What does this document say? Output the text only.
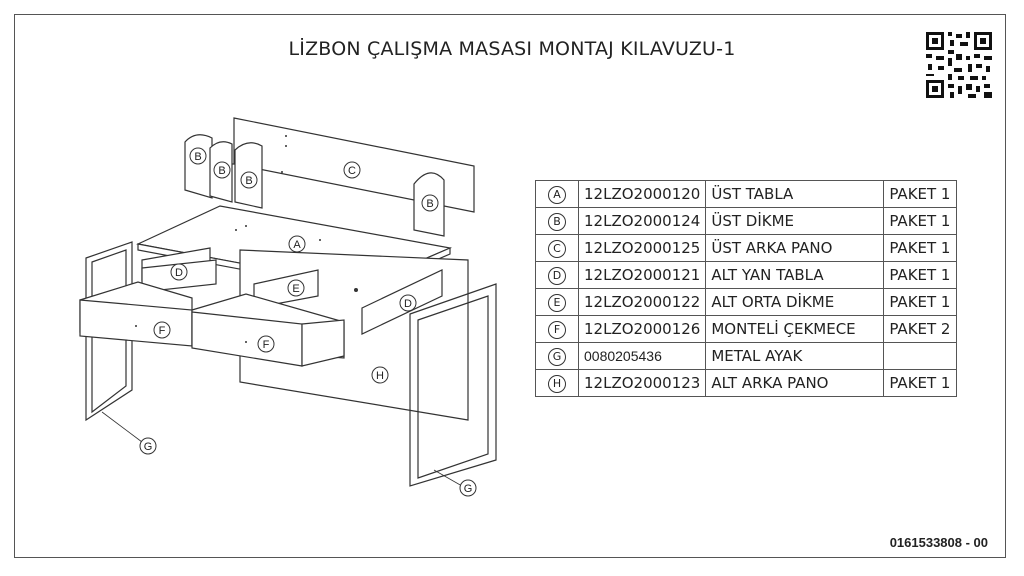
LİZBON ÇALIŞMA MASASI MONTAJ KILAVUZU-1
A
B
B
B
B
C
D
D
E
F
F
G
G
H
A	12LZO2000120	ÜST TABLA	PAKET 1
B	12LZO2000124	ÜST DİKME	PAKET 1
C	12LZO2000125	ÜST ARKA PANO	PAKET 1
D	12LZO2000121	ALT YAN TABLA	PAKET 1
E	12LZO2000122	ALT ORTA DİKME	PAKET 1
F	12LZO2000126	MONTELİ ÇEKMECE	PAKET 2
G	0080205436	METAL AYAK	
H	12LZO2000123	ALT ARKA PANO	PAKET 1
0161533808 - 00
